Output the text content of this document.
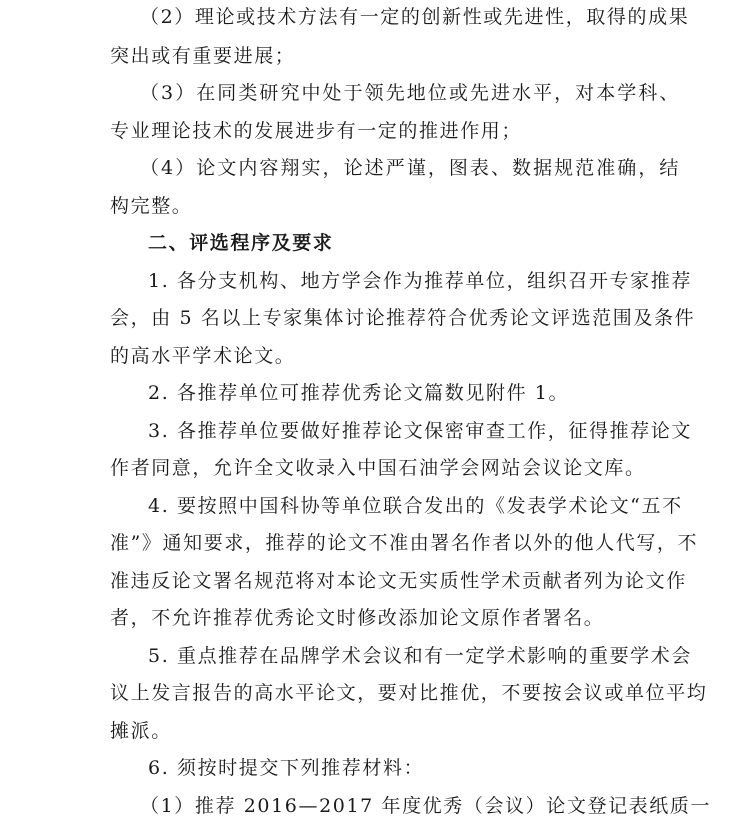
（2）理论或技术方法有一定的创新性或先进性，取得的成果
突出或有重要进展；
（3）在同类研究中处于领先地位或先进水平，对本学科、
专业理论技术的发展进步有一定的推进作用；
（4）论文内容翔实，论述严谨，图表、数据规范准确，结
构完整。
二、评选程序及要求
1. 各分支机构、地方学会作为推荐单位，组织召开专家推荐
会，由 5 名以上专家集体讨论推荐符合优秀论文评选范围及条件
的高水平学术论文。
2. 各推荐单位可推荐优秀论文篇数见附件 1。
3. 各推荐单位要做好推荐论文保密审查工作，征得推荐论文
作者同意，允许全文收录入中国石油学会网站会议论文库。
4. 要按照中国科协等单位联合发出的《发表学术论文“五不
准”》通知要求，推荐的论文不准由署名作者以外的他人代写，不
准违反论文署名规范将对本论文无实质性学术贡献者列为论文作
者，不允许推荐优秀论文时修改添加论文原作者署名。
5. 重点推荐在品牌学术会议和有一定学术影响的重要学术会
议上发言报告的高水平论文，要对比推优，不要按会议或单位平均
摊派。
6. 须按时提交下列推荐材料：
（1）推荐 2016—2017 年度优秀（会议）论文登记表纸质一
